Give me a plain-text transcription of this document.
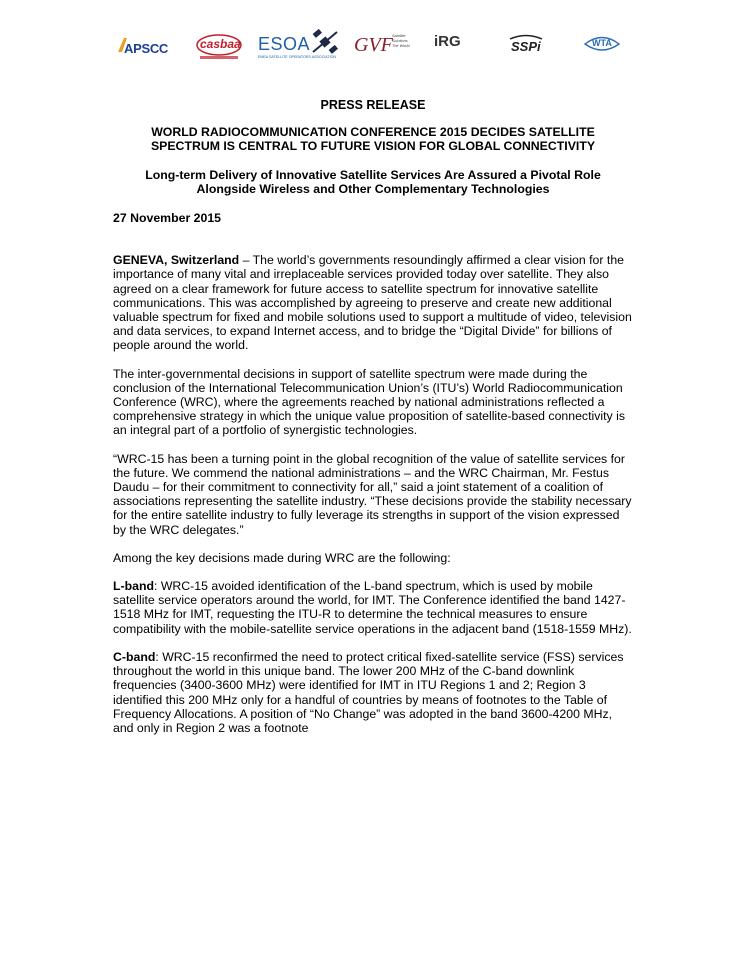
APSCC	casbaa ESOA
EMEA SATELLITE OPERATORS ASSOCIATION
GVF Satellite Solutions The World. iRG	SSPi	WTA

PRESS RELEASE

WORLD RADIOCOMMUNICATION CONFERENCE 2015 DECIDES SATELLITE

SPECTRUM IS CENTRAL TO FUTURE VISION FOR GLOBAL CONNECTIVITY

Long-term Delivery of Innovative Satellite Services Are Assured a Pivotal Role

Alongside Wireless and Other Complementary Technologies

27 November 2015

GENEVA, Switzerland – The world’s governments resoundingly affirmed a clear vision for the importance of many vital and irreplaceable services provided today over satellite. They also agreed on a clear framework for future access to satellite spectrum for innovative satellite communications. This was accomplished by agreeing to preserve and create new additional valuable spectrum for fixed and mobile solutions used to support a multitude of video, television and data services, to expand Internet access, and to bridge the “Digital Divide” for billions of people around the world.

The inter-governmental decisions in support of satellite spectrum were made during the conclusion of the International Telecommunication Union’s (ITU’s) World Radiocommunication Conference (WRC), where the agreements reached by national administrations reflected a comprehensive strategy in which the unique value proposition of satellite-based connectivity is an integral part of a portfolio of synergistic technologies.

“WRC-15 has been a turning point in the global recognition of the value of satellite services for the future. We commend the national administrations – and the WRC Chairman, Mr. Festus Daudu – for their commitment to connectivity for all,” said a joint statement of a coalition of associations representing the satellite industry. “These decisions provide the stability necessary for the entire satellite industry to fully leverage its strengths in support of the vision expressed by the WRC delegates.”

Among the key decisions made during WRC are the following:

L-band: WRC-15 avoided identification of the L-band spectrum, which is used by mobile satellite service operators around the world, for IMT. The Conference identified the band 1427-1518 MHz for IMT, requesting the ITU-R to determine the technical measures to ensure compatibility with the mobile-satellite service operations in the adjacent band (1518-1559 MHz).

C-band: WRC-15 reconfirmed the need to protect critical fixed-satellite service (FSS) services throughout the world in this unique band. The lower 200 MHz of the C-band downlink frequencies (3400-3600 MHz) were identified for IMT in ITU Regions 1 and 2; Region 3 identified this 200 MHz only for a handful of countries by means of footnotes to the Table of Frequency Allocations. A position of “No Change” was adopted in the band 3600-4200 MHz, and only in Region 2 was a footnote
